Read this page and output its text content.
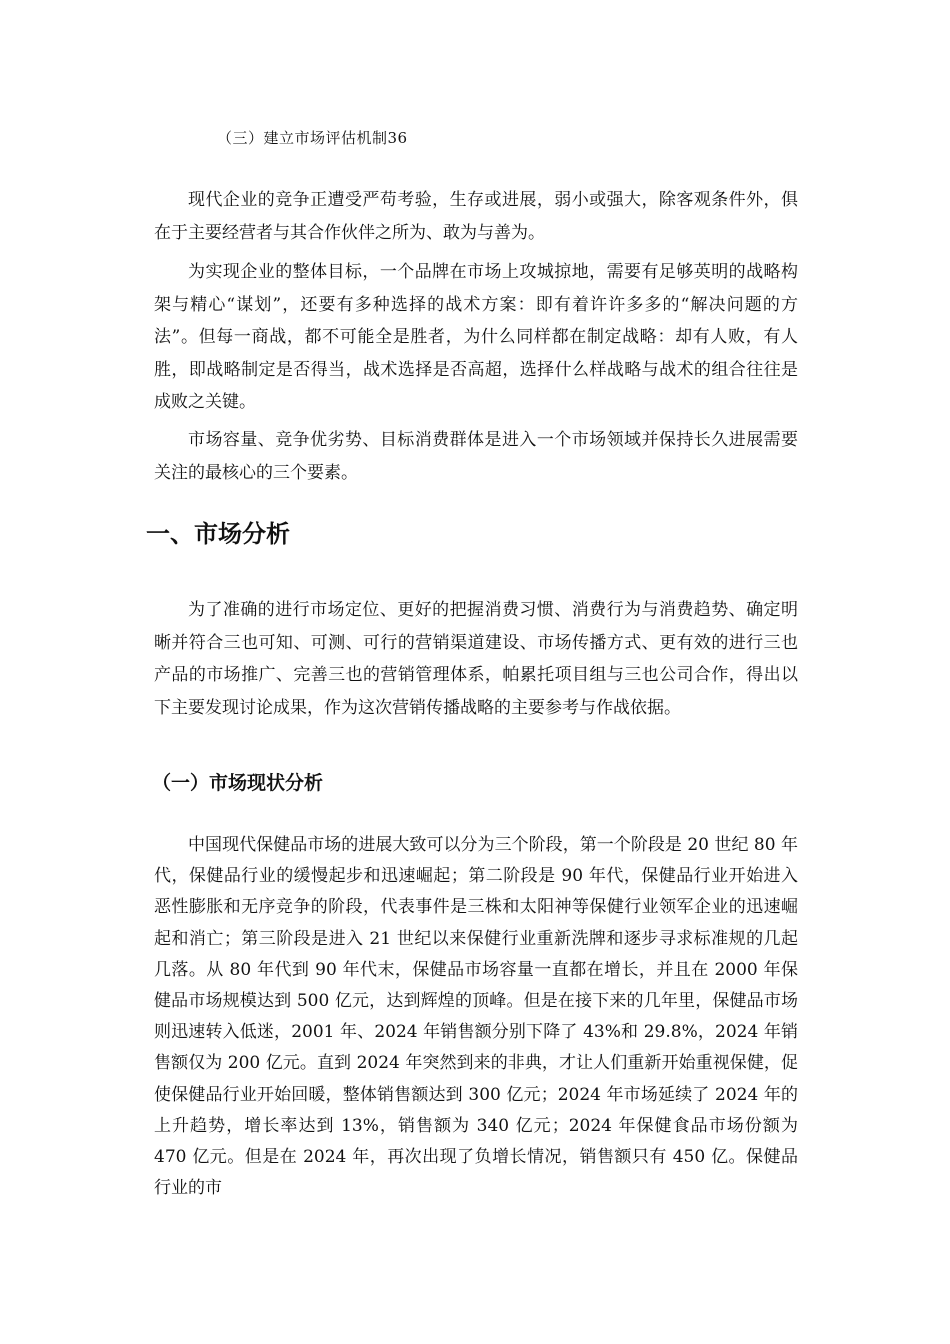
（三）建立市场评估机制36

现代企业的竞争正遭受严苟考验，生存或进展，弱小或强大，除客观条件外，俱在于主要经营者与其合作伙伴之所为、敢为与善为。

为实现企业的整体目标，一个品牌在市场上攻城掠地，需要有足够英明的战略构架与精心“谋划”，还要有多种选择的战术方案：即有着许许多多的“解决问题的方法”。但每一商战，都不可能全是胜者，为什么同样都在制定战略：却有人败，有人胜，即战略制定是否得当，战术选择是否高超，选择什么样战略与战术的组合往往是成败之关键。

市场容量、竞争优劣势、目标消费群体是进入一个市场领域并保持长久进展需要关注的最核心的三个要素。

一、市场分析

为了准确的进行市场定位、更好的把握消费习惯、消费行为与消费趋势、确定明晰并符合三也可知、可测、可行的营销渠道建设、市场传播方式、更有效的进行三也产品的市场推广、完善三也的营销管理体系，帕累托项目组与三也公司合作，得出以下主要发现讨论成果，作为这次营销传播战略的主要参考与作战依据。

（一）市场现状分析

中国现代保健品市场的进展大致可以分为三个阶段，第一个阶段是 20 世纪 80 年代，保健品行业的缓慢起步和迅速崛起；第二阶段是 90 年代，保健品行业开始进入恶性膨胀和无序竞争的阶段，代表事件是三株和太阳神等保健行业领军企业的迅速崛起和消亡；第三阶段是进入 21 世纪以来保健行业重新洗牌和逐步寻求标准规的几起几落。从 80 年代到 90 年代末，保健品市场容量一直都在增长，并且在 2000 年保健品市场规模达到 500 亿元，达到辉煌的顶峰。但是在接下来的几年里，保健品市场则迅速转入低迷，2001 年、2024 年销售额分别下降了 43%和 29.8%，2024 年销售额仅为 200 亿元。直到 2024 年突然到来的非典，才让人们重新开始重视保健，促使保健品行业开始回暖，整体销售额达到 300 亿元；2024 年市场延续了 2024 年的上升趋势，增长率达到 13%，销售额为 340 亿元；2024 年保健食品市场份额为 470 亿元。但是在 2024 年，再次出现了负增长情况，销售额只有 450 亿。保健品行业的市
